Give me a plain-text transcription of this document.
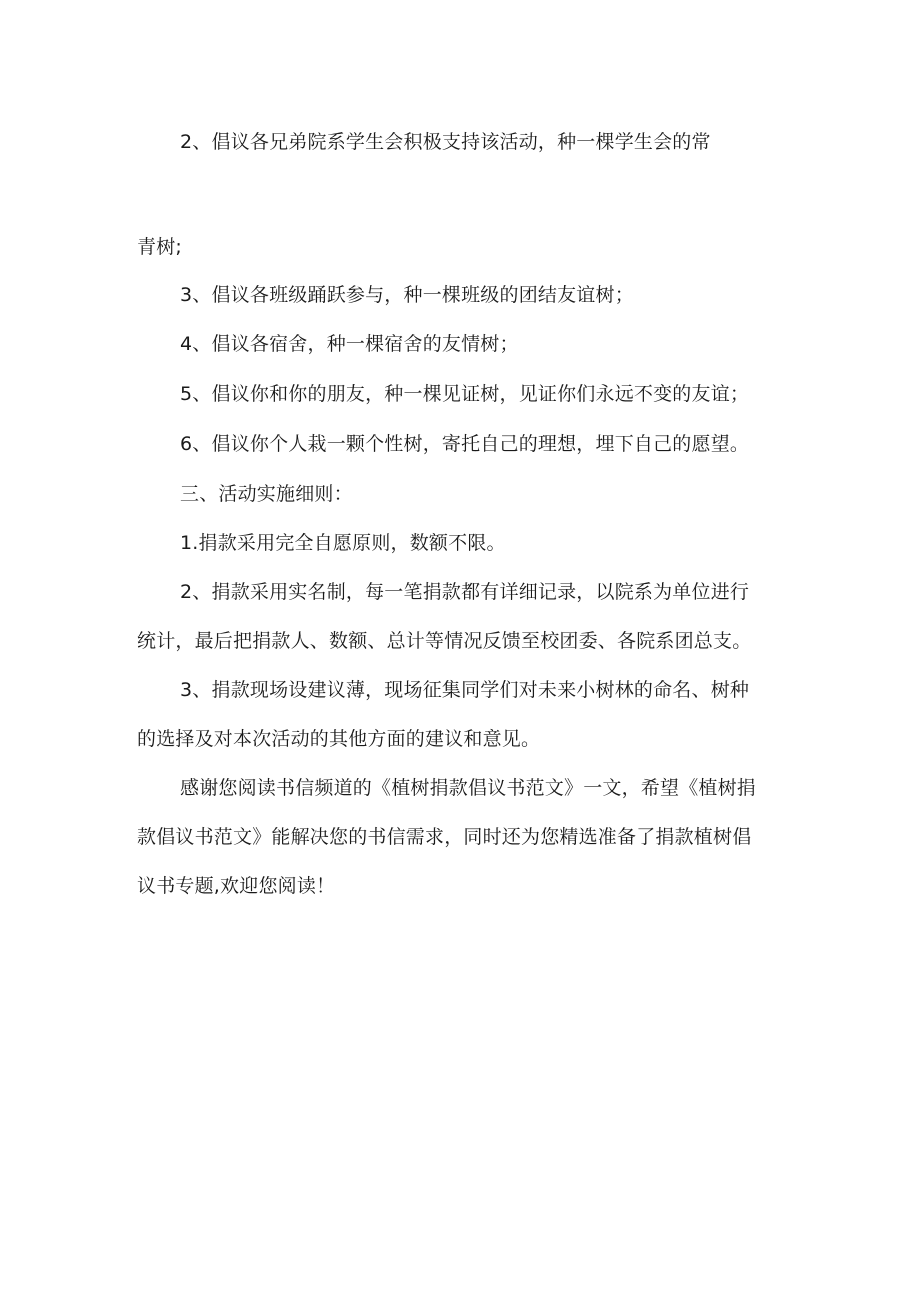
2、倡议各兄弟院系学生会积极支持该活动，种一棵学生会的常
青树;
3、倡议各班级踊跃参与，种一棵班级的团结友谊树；
4、倡议各宿舍，种一棵宿舍的友情树；
5、倡议你和你的朋友，种一棵见证树，见证你们永远不变的友谊；
6、倡议你个人栽一颗个性树，寄托自己的理想，埋下自己的愿望。
三、活动实施细则：
1.捐款采用完全自愿原则，数额不限。
2、捐款采用实名制，每一笔捐款都有详细记录，以院系为单位进行
统计，最后把捐款人、数额、总计等情况反馈至校团委、各院系团总支。
3、捐款现场设建议薄，现场征集同学们对未来小树林的命名、树种
的选择及对本次活动的其他方面的建议和意见。
感谢您阅读书信频道的《植树捐款倡议书范文》一文，希望《植树捐
款倡议书范文》能解决您的书信需求，同时还为您精选准备了捐款植树倡
议书专题,欢迎您阅读！
